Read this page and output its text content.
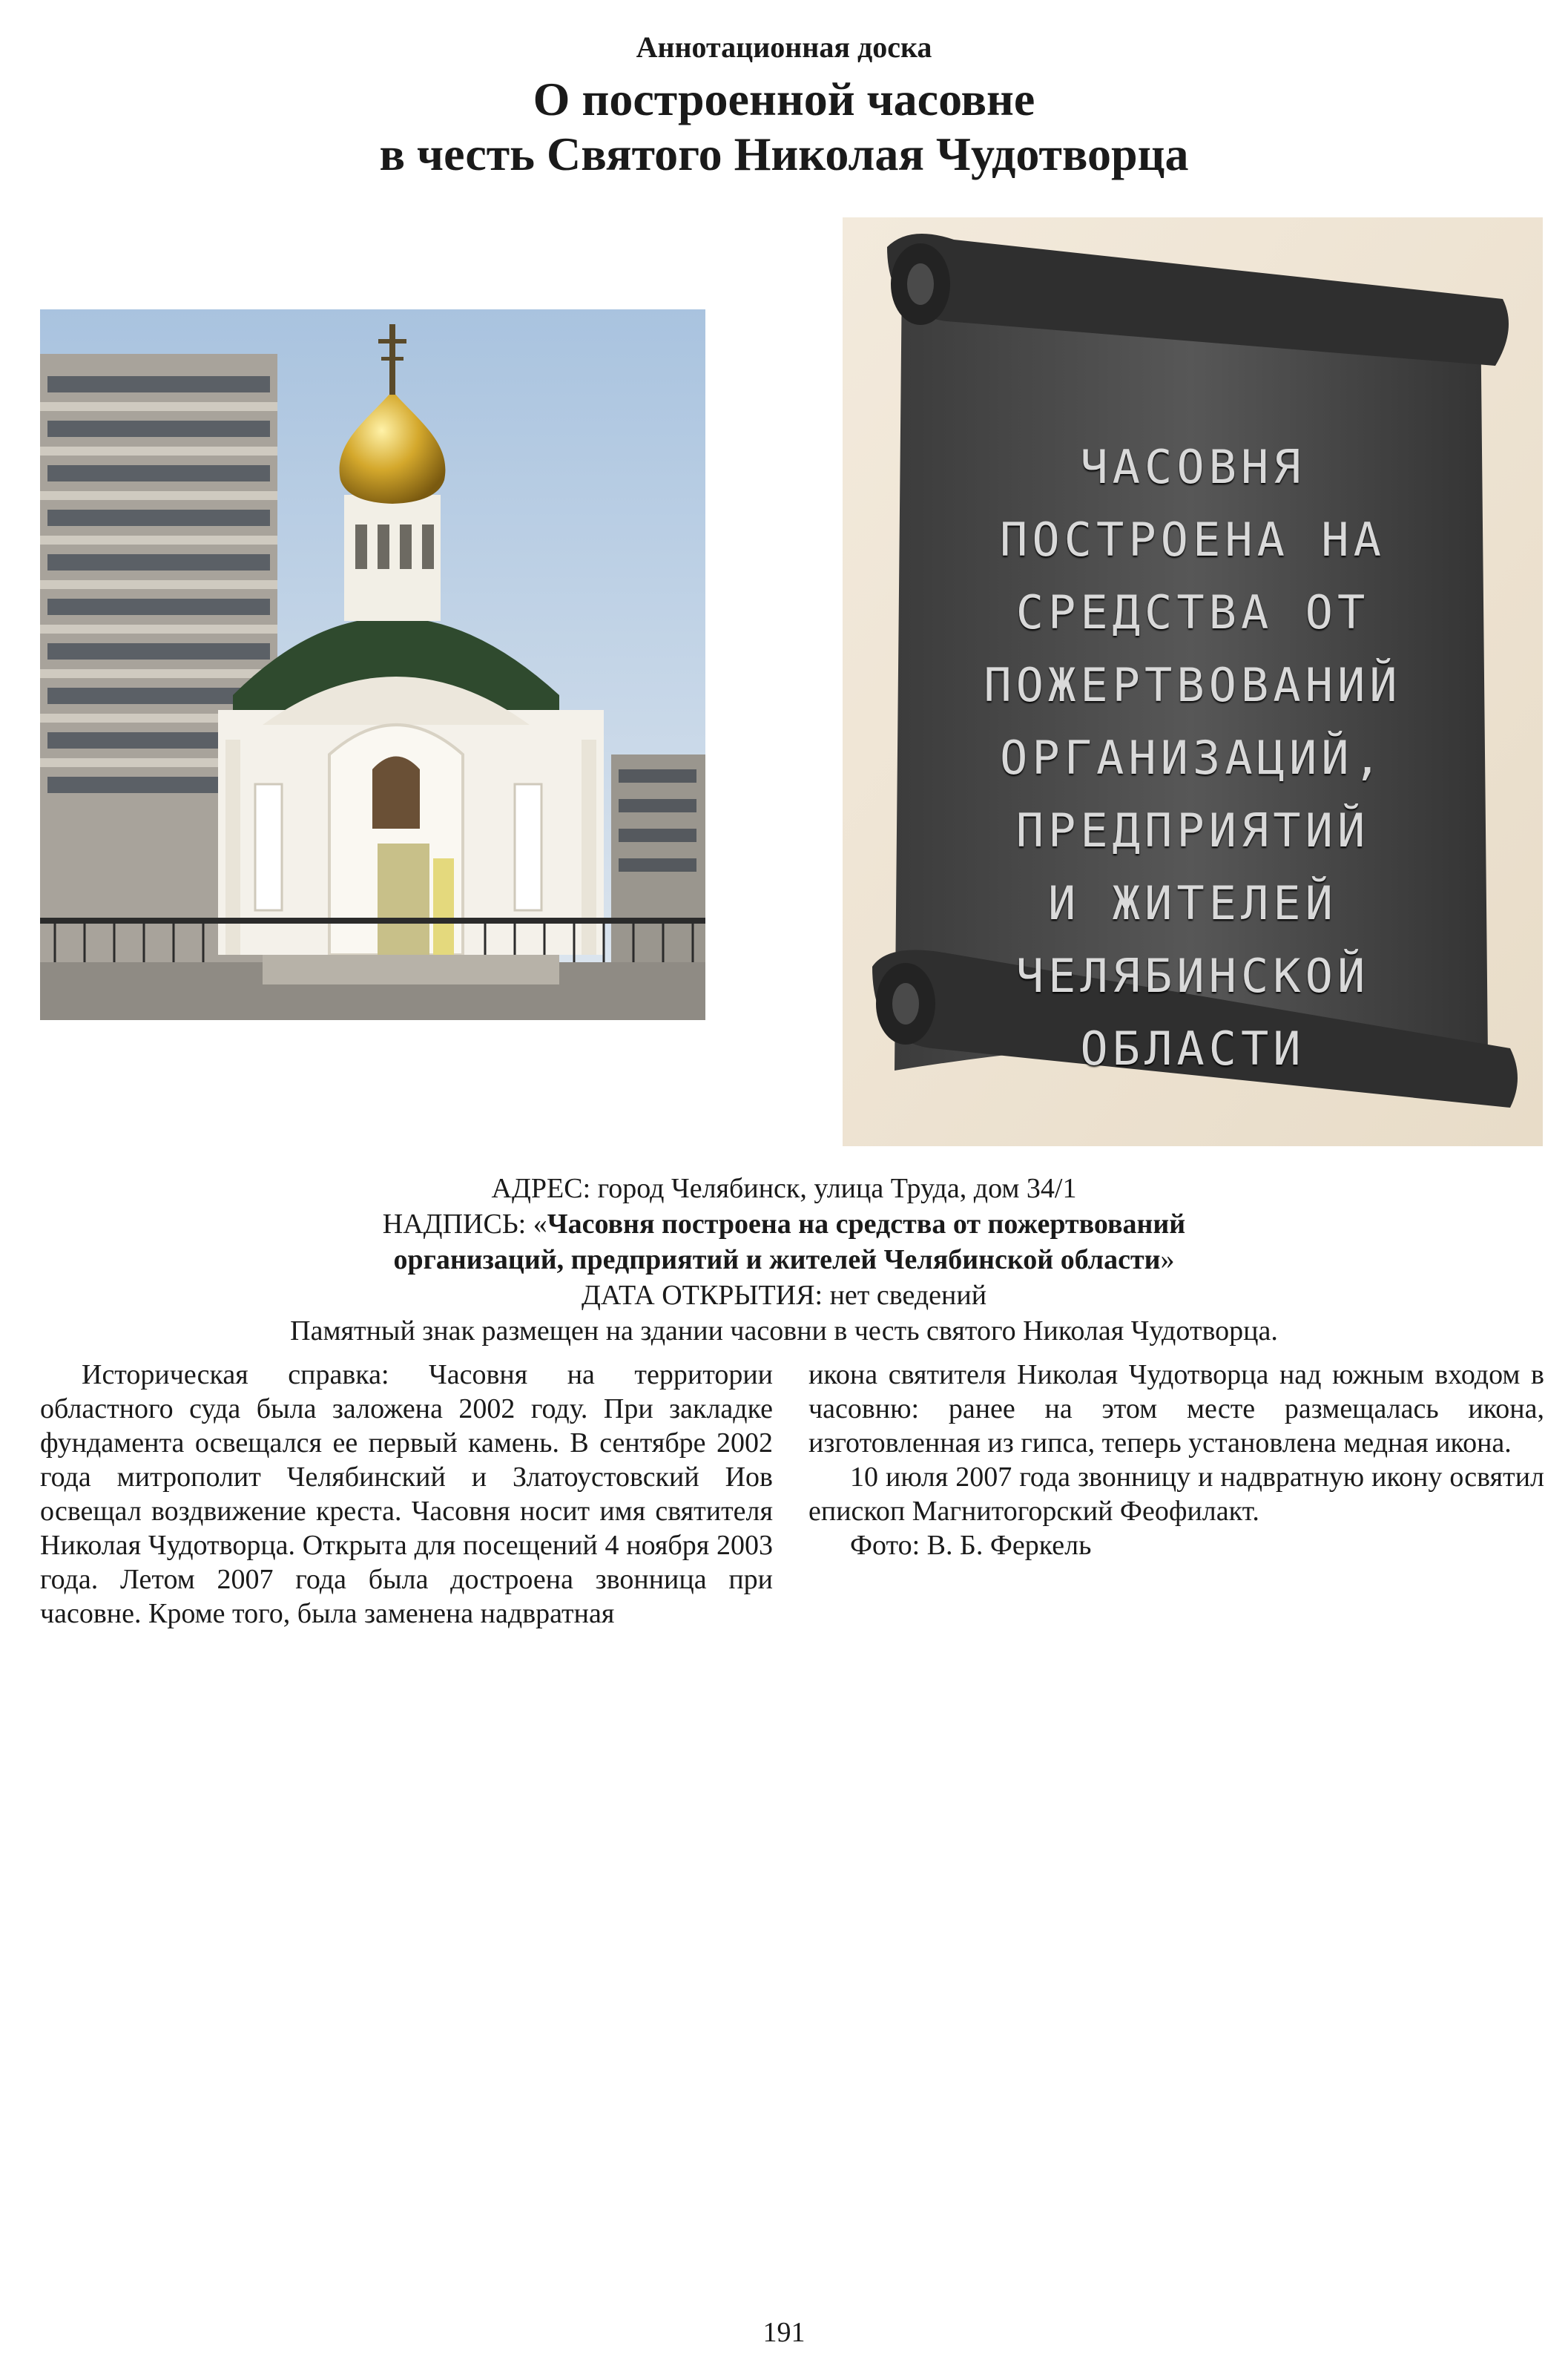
Аннотационная доска
О построенной часовне
в честь Святого Николая Чудотворца
ЧАСОВНЯ
ПОСТРОЕНА НА
СРЕДСТВА ОТ
ПОЖЕРТВОВАНИЙ
ОРГАНИЗАЦИЙ,
ПРЕДПРИЯТИЙ
И ЖИТЕЛЕЙ
ЧЕЛЯБИНСКОЙ
ОБЛАСТИ
АДРЕС: город Челябинск, улица Труда, дом 34/1
НАДПИСЬ: «Часовня построена на средства от пожертвований
организаций, предприятий и жителей Челябинской области»
ДАТА ОТКРЫТИЯ: нет сведений
Памятный знак размещен на здании часовни в честь святого Николая Чудотворца.

Историческая справка: Часовня на территории областного суда была заложена 2002 году. При закладке фундамента освещался ее первый камень. В сентябре 2002 года митрополит Челябинский и Златоустовский Иов освещал воздвижение креста. Часовня носит имя святителя Николая Чудотворца. Открыта для посещений 4 ноября 2003 года. Летом 2007 года была достроена звонница при часовне. Кроме того, была заменена надвратная

икона святителя Николая Чудотворца над южным входом в часовню: ранее на этом месте размещалась икона, изготовленная из гипса, теперь установлена медная икона.

10 июля 2007 года звонницу и надвратную икону освятил епископ Магнитогорский Феофилакт.

Фото: В. Б. Феркель

191
